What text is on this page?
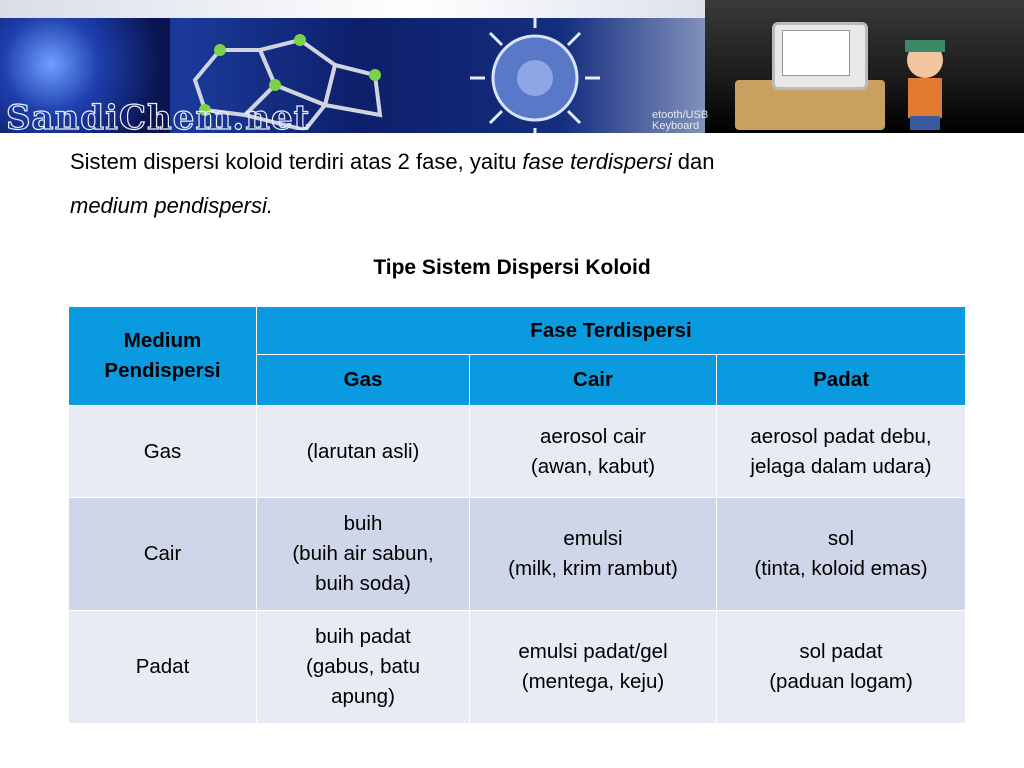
SandiChem.net	etooth/USB
Keyboard
Sistem dispersi koloid terdiri atas 2 fase, yaitu fase terdispersi dan
medium pendispersi.
Tipe Sistem Dispersi Koloid
Medium
Pendispersi	Fase Terdispersi		
	Gas	Cair	Padat
Gas	(larutan asli)	aerosol cair
(awan, kabut)	aerosol padat debu,
jelaga dalam udara)

Cair	buih
(buih air sabun,
buih soda)	emulsi
(milk, krim rambut)	sol
(tinta, koloid emas)

Padat	buih padat
(gabus, batu
apung)	emulsi padat/gel
(mentega, keju)	sol padat
(paduan logam)
